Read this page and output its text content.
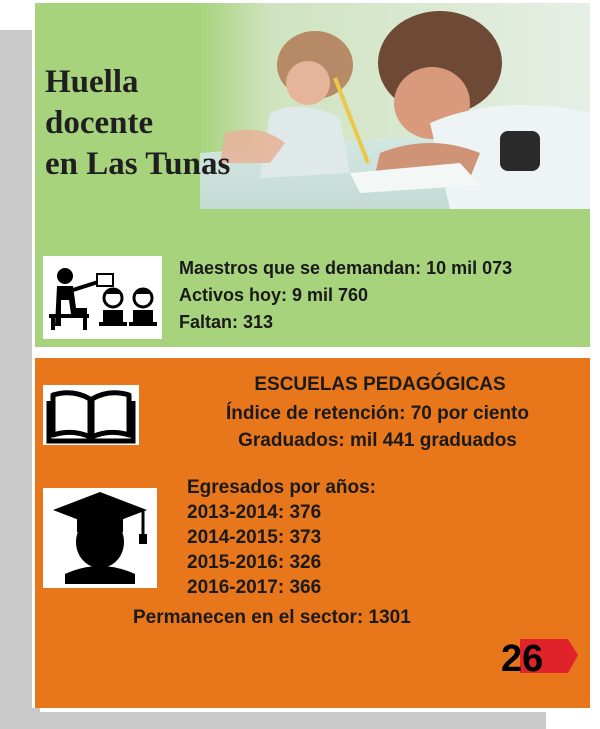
Huella
docente
en Las Tunas
Maestros que se demandan: 10 mil 073
Activos hoy: 9 mil 760
Faltan: 313
ESCUELAS PEDAGÓGICAS
Índice de retención: 70 por ciento
Graduados: mil 441 graduados
Egresados por años:
2013-2014: 376
2014-2015: 373
2015-2016: 326
2016-2017: 366
Permanecen en el sector: 1301
26
